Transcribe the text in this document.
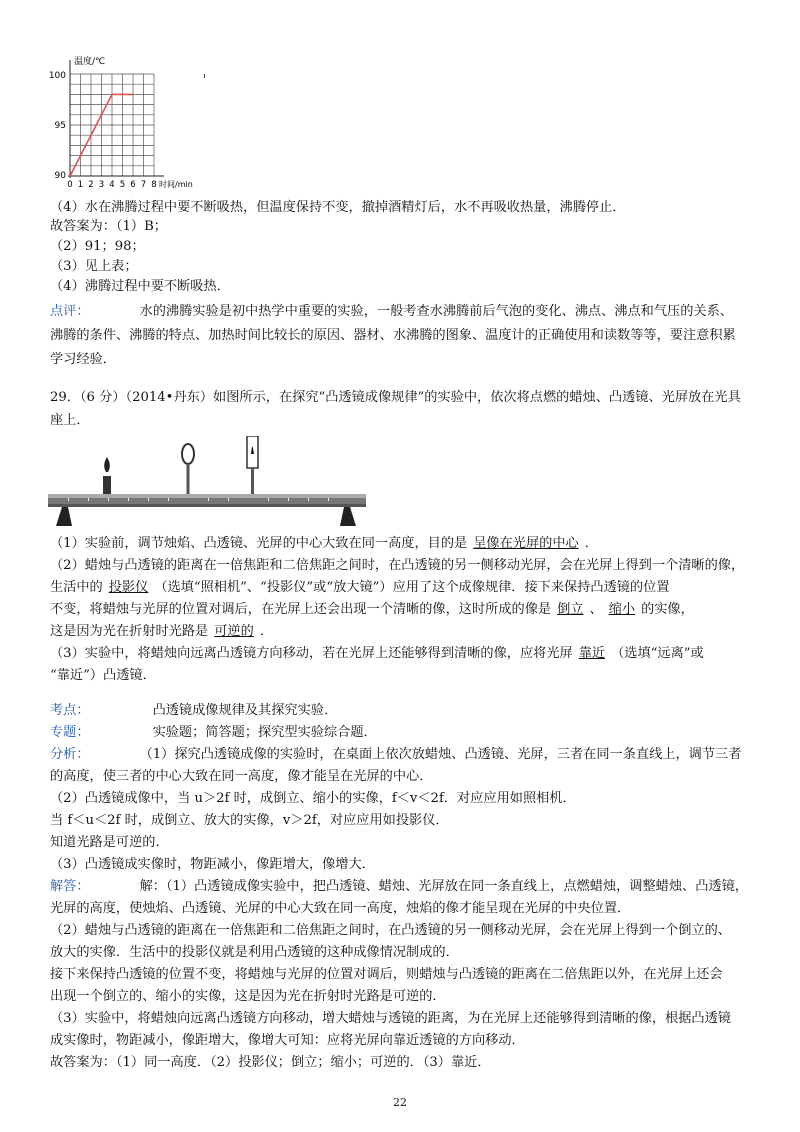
温度/℃
100
95
90
0 1 2 3 4 5 6 7 8 时间/min
（4）水在沸腾过程中要不断吸热，但温度保持不变，撤掉酒精灯后，水不再吸收热量，沸腾停止．
故答案为：（1）B；
（2）91；98；
（3）见上表；
（4）沸腾过程中要不断吸热．
点评：	水的沸腾实验是初中热学中重要的实验，一般考查水沸腾前后气泡的变化、沸点、沸点和气压的关系、
沸腾的条件、沸腾的特点、加热时间比较长的原因、器材、水沸腾的图象、温度计的正确使用和读数等等，要注意积累
学习经验．
29．（6 分）（2014•丹东）如图所示，在探究“凸透镜成像规律”的实验中，依次将点燃的蜡烛、凸透镜、光屏放在光具
座上．
（1）实验前，调节烛焰、凸透镜、光屏的中心大致在同一高度，目的是 呈像在光屏的中心 ．
（2）蜡烛与凸透镜的距离在一倍焦距和二倍焦距之间时，在凸透镜的另一侧移动光屏，会在光屏上得到一个清晰的像，
生活中的 投影仪 （选填“照相机”、“投影仪”或“放大镜”）应用了这个成像规律．接下来保持凸透镜的位置
不变，将蜡烛与光屏的位置对调后，在光屏上还会出现一个清晰的像，这时所成的像是 倒立 、 缩小 的实像，
这是因为光在折射时光路是 可逆的 ．
（3）实验中，将蜡烛向远离凸透镜方向移动，若在光屏上还能够得到清晰的像，应将光屏 靠近 （选填“远离”或
“靠近”）凸透镜．
考点：	凸透镜成像规律及其探究实验．
专题：	实验题；简答题；探究型实验综合题．
分析：	（1）探究凸透镜成像的实验时，在桌面上依次放蜡烛、凸透镜、光屏，三者在同一条直线上，调节三者
的高度，使三者的中心大致在同一高度，像才能呈在光屏的中心．
（2）凸透镜成像中，当 u＞2f 时，成倒立、缩小的实像，f＜v＜2f．对应应用如照相机．
当 f＜u＜2f 时，成倒立、放大的实像，v＞2f，对应应用如投影仪．
知道光路是可逆的．
（3）凸透镜成实像时，物距减小，像距增大，像增大．
解答：	解：（1）凸透镜成像实验中，把凸透镜、蜡烛、光屏放在同一条直线上，点燃蜡烛，调整蜡烛、凸透镜，
光屏的高度，使烛焰、凸透镜、光屏的中心大致在同一高度，烛焰的像才能呈现在光屏的中央位置．
（2）蜡烛与凸透镜的距离在一倍焦距和二倍焦距之间时，在凸透镜的另一侧移动光屏，会在光屏上得到一个倒立的、
放大的实像．生活中的投影仪就是利用凸透镜的这种成像情况制成的．
接下来保持凸透镜的位置不变，将蜡烛与光屏的位置对调后，则蜡烛与凸透镜的距离在二倍焦距以外，在光屏上还会
出现一个倒立的、缩小的实像，这是因为光在折射时光路是可逆的．
（3）实验中，将蜡烛向远离凸透镜方向移动，增大蜡烛与透镜的距离，为在光屏上还能够得到清晰的像，根据凸透镜
成实像时，物距减小，像距增大，像增大可知：应将光屏向靠近透镜的方向移动．
故答案为：（1）同一高度．（2）投影仪；倒立；缩小；可逆的．（3）靠近．
22
